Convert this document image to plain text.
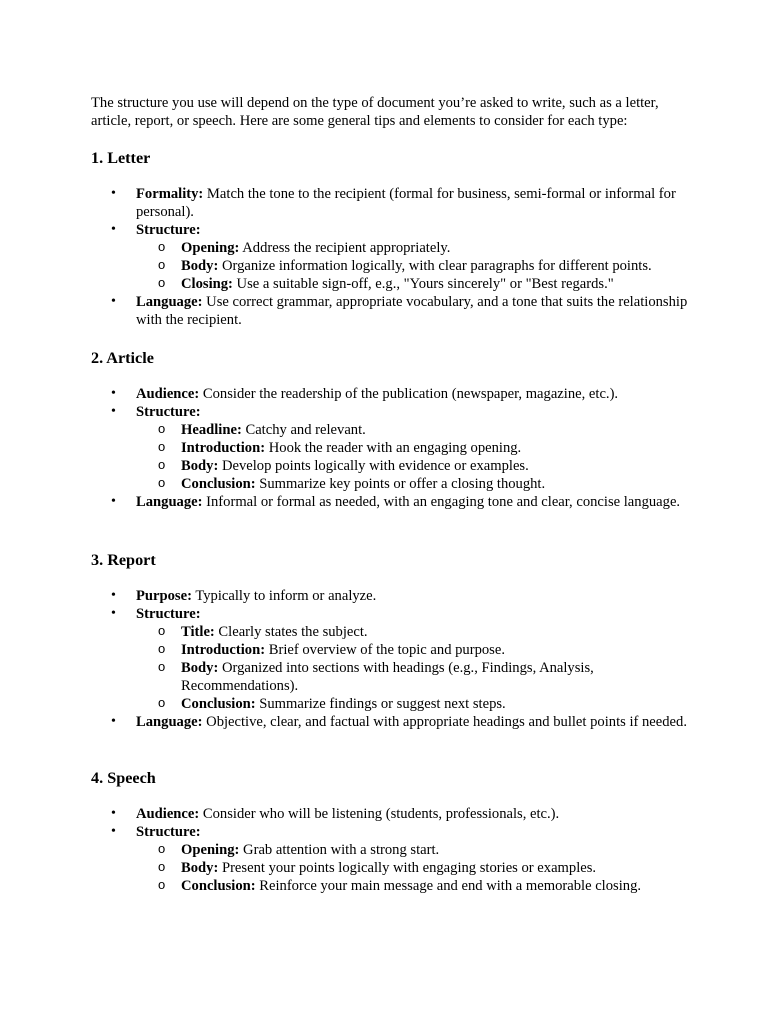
The structure you use will depend on the type of document you’re asked to write, such as a letter, article, report, or speech. Here are some general tips and elements to consider for each type:

1. Letter
• Formality: Match the tone to the recipient (formal for business, semi-formal or informal for personal).
• Structure:
o Opening: Address the recipient appropriately.
o Body: Organize information logically, with clear paragraphs for different points.
o Closing: Use a suitable sign-off, e.g., "Yours sincerely" or "Best regards."
• Language: Use correct grammar, appropriate vocabulary, and a tone that suits the relationship with the recipient.
2. Article
• Audience: Consider the readership of the publication (newspaper, magazine, etc.).
• Structure:
o Headline: Catchy and relevant.
o Introduction: Hook the reader with an engaging opening.
o Body: Develop points logically with evidence or examples.
o Conclusion: Summarize key points or offer a closing thought.
• Language: Informal or formal as needed, with an engaging tone and clear, concise language.
3. Report
• Purpose: Typically to inform or analyze.
• Structure:
o Title: Clearly states the subject.
o Introduction: Brief overview of the topic and purpose.
o Body: Organized into sections with headings (e.g., Findings, Analysis, Recommendations).
o Conclusion: Summarize findings or suggest next steps.
• Language: Objective, clear, and factual with appropriate headings and bullet points if needed.
4. Speech
• Audience: Consider who will be listening (students, professionals, etc.).
• Structure:
o Opening: Grab attention with a strong start.
o Body: Present your points logically with engaging stories or examples.
o Conclusion: Reinforce your main message and end with a memorable closing.
